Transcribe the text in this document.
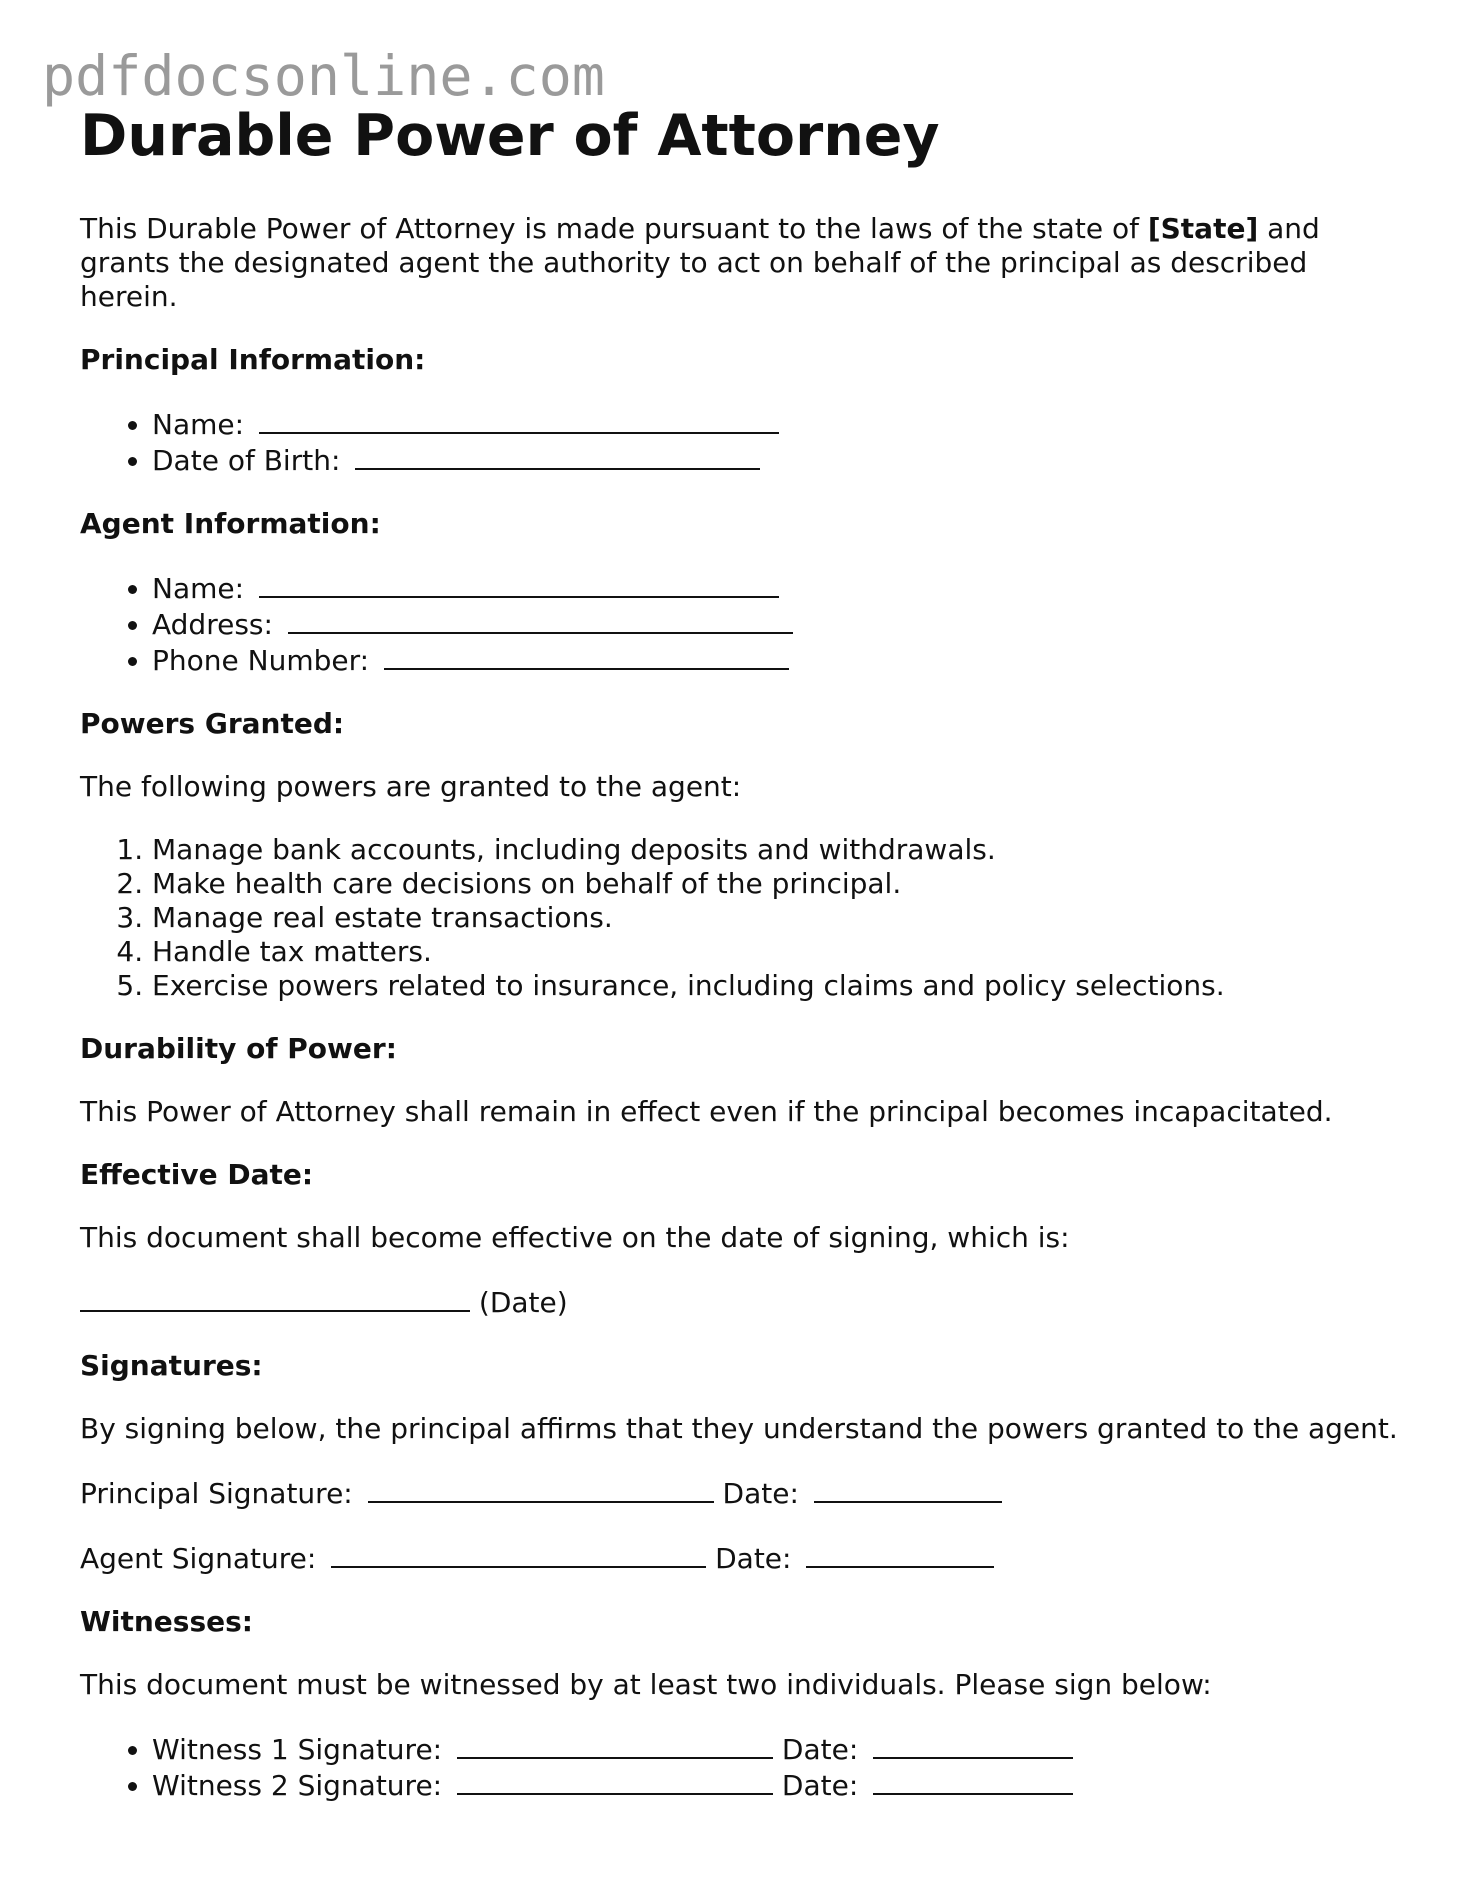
pdfdocsonline.com
Durable Power of Attorney

This Durable Power of Attorney is made pursuant to the laws of the state of [State] and grants the designated agent the authority to act on behalf of the principal as described herein.

Principal Information:

• Name:
• Date of Birth:

Agent Information:

• Name:
• Address:
• Phone Number:

Powers Granted:

The following powers are granted to the agent:

1. Manage bank accounts, including deposits and withdrawals.
2. Make health care decisions on behalf of the principal.
3. Manage real estate transactions.
4. Handle tax matters.
5. Exercise powers related to insurance, including claims and policy selections.

Durability of Power:

This Power of Attorney shall remain in effect even if the principal becomes incapacitated.

Effective Date:

This document shall become effective on the date of signing, which is:

(Date)

Signatures:

By signing below, the principal affirms that they understand the powers granted to the agent.

Principal Signature:	Date:

Agent Signature:	Date:

Witnesses:

This document must be witnessed by at least two individuals. Please sign below:

• Witness 1 Signature:	Date:
• Witness 2 Signature:	Date:
